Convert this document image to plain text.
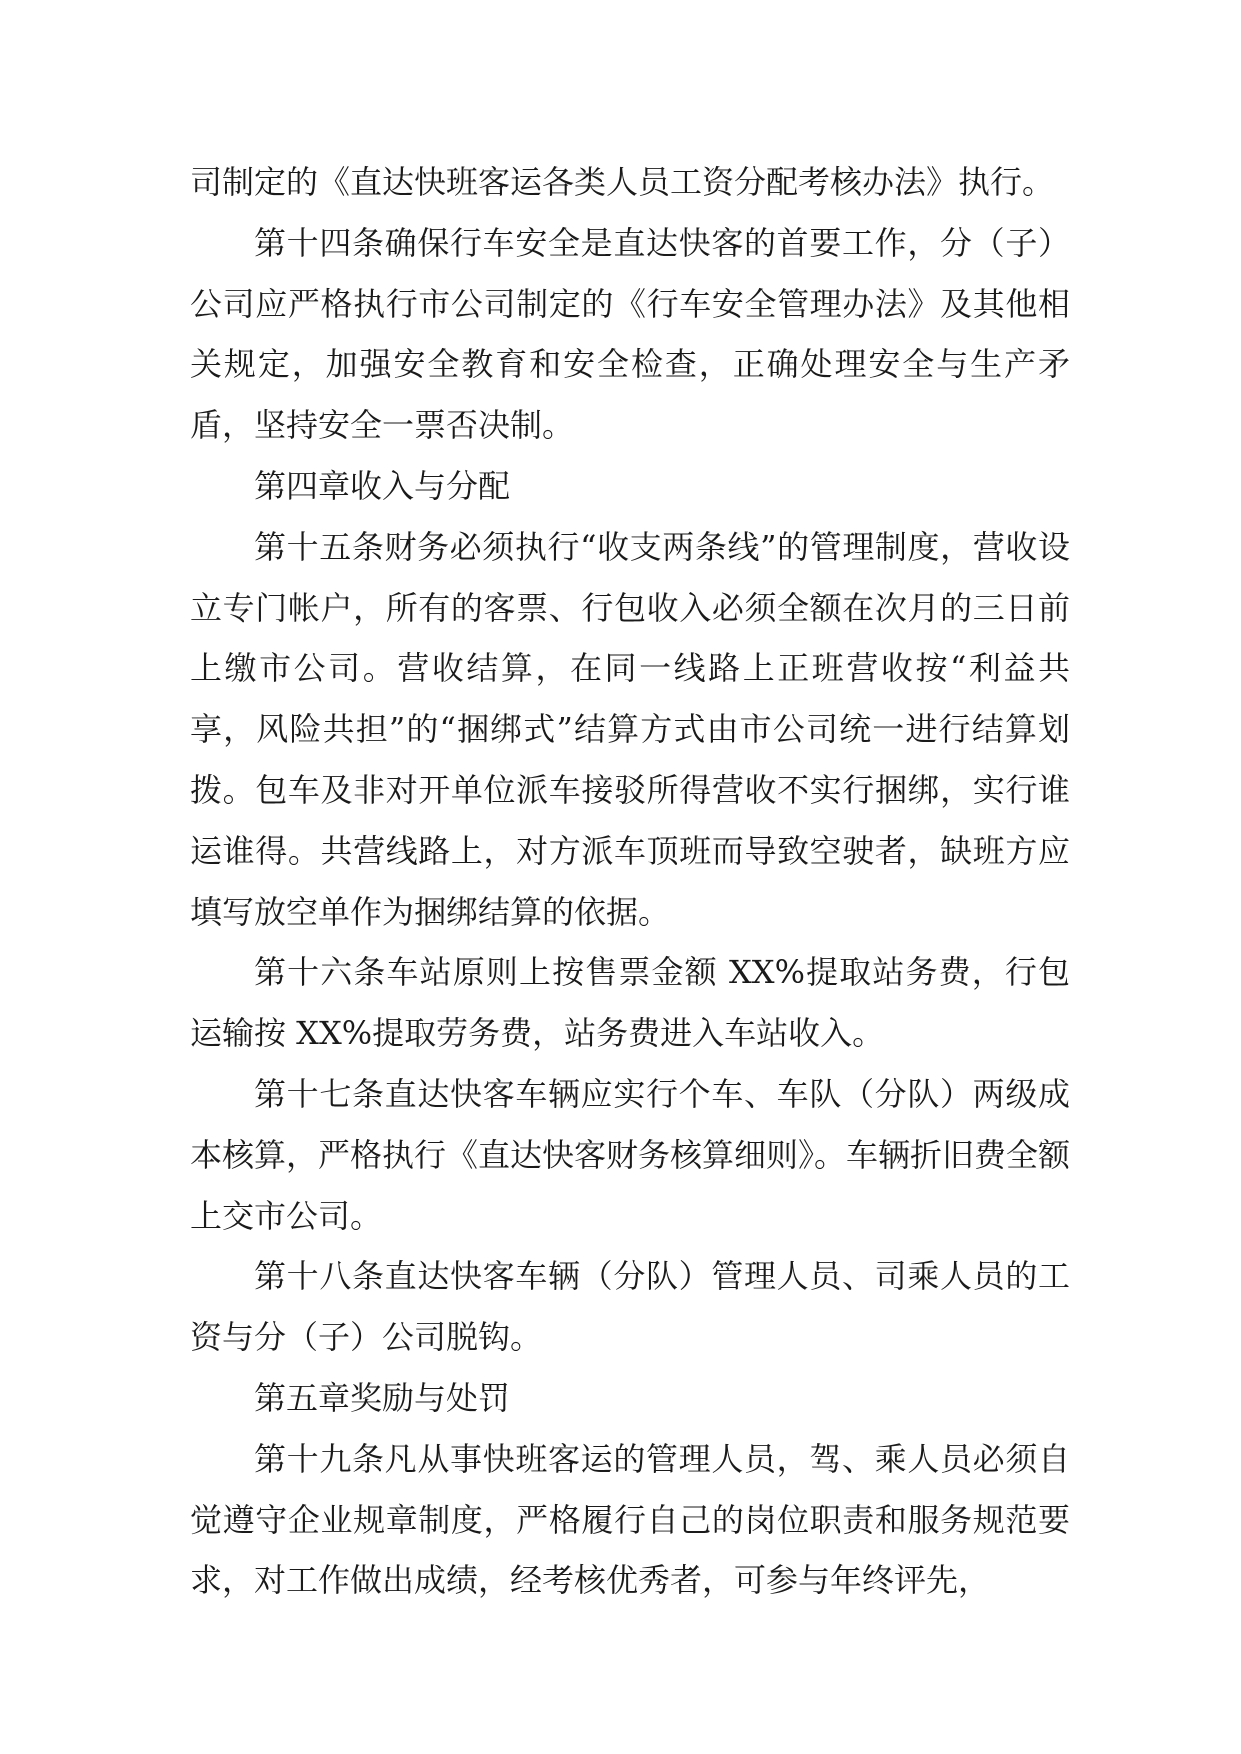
司制定的《直达快班客运各类人员工资分配考核办法》执行。

第十四条确保行车安全是直达快客的首要工作，分（子）公司应严格执行市公司制定的《行车安全管理办法》及其他相关规定，加强安全教育和安全检查，正确处理安全与生产矛盾，坚持安全一票否决制。

第四章收入与分配

第十五条财务必须执行“收支两条线”的管理制度，营收设立专门帐户，所有的客票、行包收入必须全额在次月的三日前上缴市公司。营收结算，在同一线路上正班营收按“利益共享，风险共担”的“捆绑式”结算方式由市公司统一进行结算划拨。包车及非对开单位派车接驳所得营收不实行捆绑，实行谁运谁得。共营线路上，对方派车顶班而导致空驶者，缺班方应填写放空单作为捆绑结算的依据。

第十六条车站原则上按售票金额 XX%提取站务费，行包运输按 XX%提取劳务费，站务费进入车站收入。

第十七条直达快客车辆应实行个车、车队（分队）两级成本核算，严格执行《直达快客财务核算细则》。车辆折旧费全额上交市公司。

第十八条直达快客车辆（分队）管理人员、司乘人员的工资与分（子）公司脱钩。

第五章奖励与处罚

第十九条凡从事快班客运的管理人员，驾、乘人员必须自觉遵守企业规章制度，严格履行自己的岗位职责和服务规范要求，对工作做出成绩，经考核优秀者，可参与年终评先，
